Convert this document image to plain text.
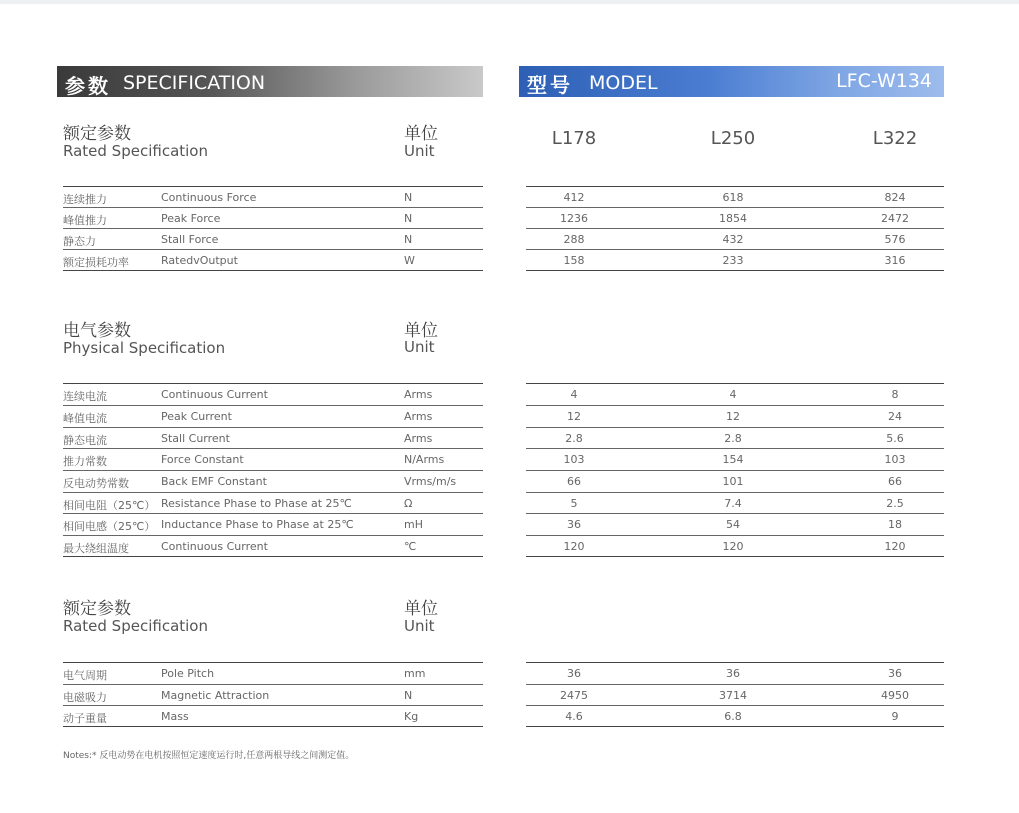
参数 SPECIFICATION	型号 MODEL	LFC-W134
L178	L250	L322
额定参数
Rated Specification
单位
Unit
电气参数
Physical Specification
单位
Unit
额定参数
Rated Specification
单位
Unit
连续推力	Continuous Force	N	412	618	824
峰值推力	Peak Force	N	1236	1854	2472
静态力	Stall Force	N	288	432	576
额定损耗功率	RatedvOutput	W	158	233	316
连续电流	Continuous Current	Arms	4	4	8
峰值电流	Peak Current	Arms	12	12	24
静态电流	Stall Current	Arms	2.8	2.8	5.6
推力常数	Force Constant	N/Arms	103	154	103
反电动势常数	Back EMF Constant	Vrms/m/s	66	101	66
相间电阻（25℃） Resistance Phase to Phase at 25℃	Ω	5	7.4	2.5
相间电感（25℃） Inductance Phase to Phase at 25℃	mH	36	54	18
最大绕组温度	Continuous Current	℃	120	120	120
电气周期	Pole Pitch	mm	36	36	36
电磁吸力	Magnetic Attraction	N	2475	3714	4950
动子重量	Mass	Kg	4.6	6.8	9
Notes:* 反电动势在电机按照恒定速度运行时,任意两根导线之间测定值。
